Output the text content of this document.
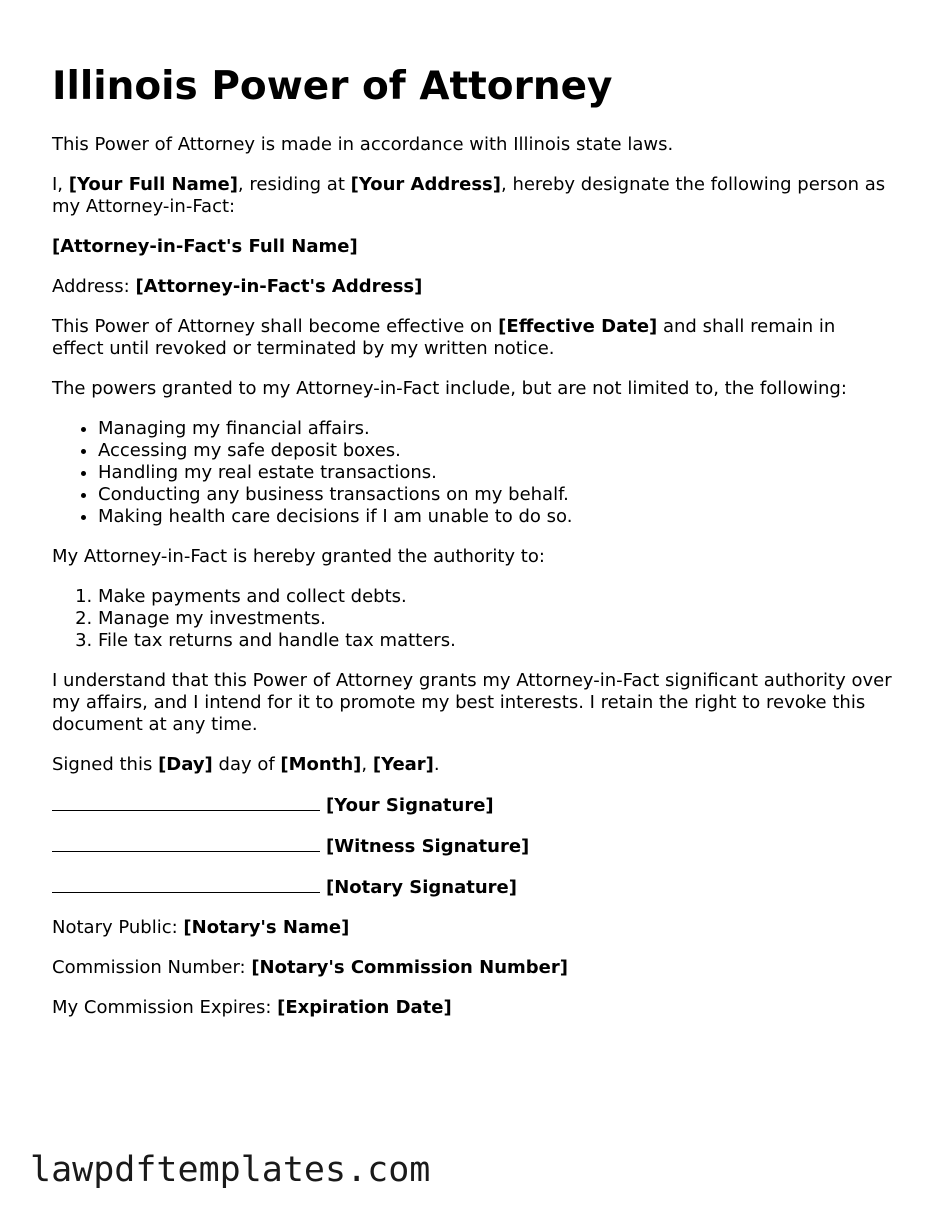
Illinois Power of Attorney

This Power of Attorney is made in accordance with Illinois state laws.

I, [Your Full Name], residing at [Your Address], hereby designate the following person as my Attorney-in-Fact:

[Attorney-in-Fact's Full Name]

Address: [Attorney-in-Fact's Address]

This Power of Attorney shall become effective on [Effective Date] and shall remain in effect until revoked or terminated by my written notice.

The powers granted to my Attorney-in-Fact include, but are not limited to, the following:

• Managing my financial affairs.
• Accessing my safe deposit boxes.
• Handling my real estate transactions.
• Conducting any business transactions on my behalf.
• Making health care decisions if I am unable to do so.

My Attorney-in-Fact is hereby granted the authority to:

1. Make payments and collect debts.
2. Manage my investments.
3. File tax returns and handle tax matters.

I understand that this Power of Attorney grants my Attorney-in-Fact significant authority over my affairs, and I intend for it to promote my best interests. I retain the right to revoke this document at any time.

Signed this [Day] day of [Month], [Year].

[Your Signature]

[Witness Signature]

[Notary Signature]

Notary Public: [Notary's Name]

Commission Number: [Notary's Commission Number]

My Commission Expires: [Expiration Date]

lawpdftemplates.com
